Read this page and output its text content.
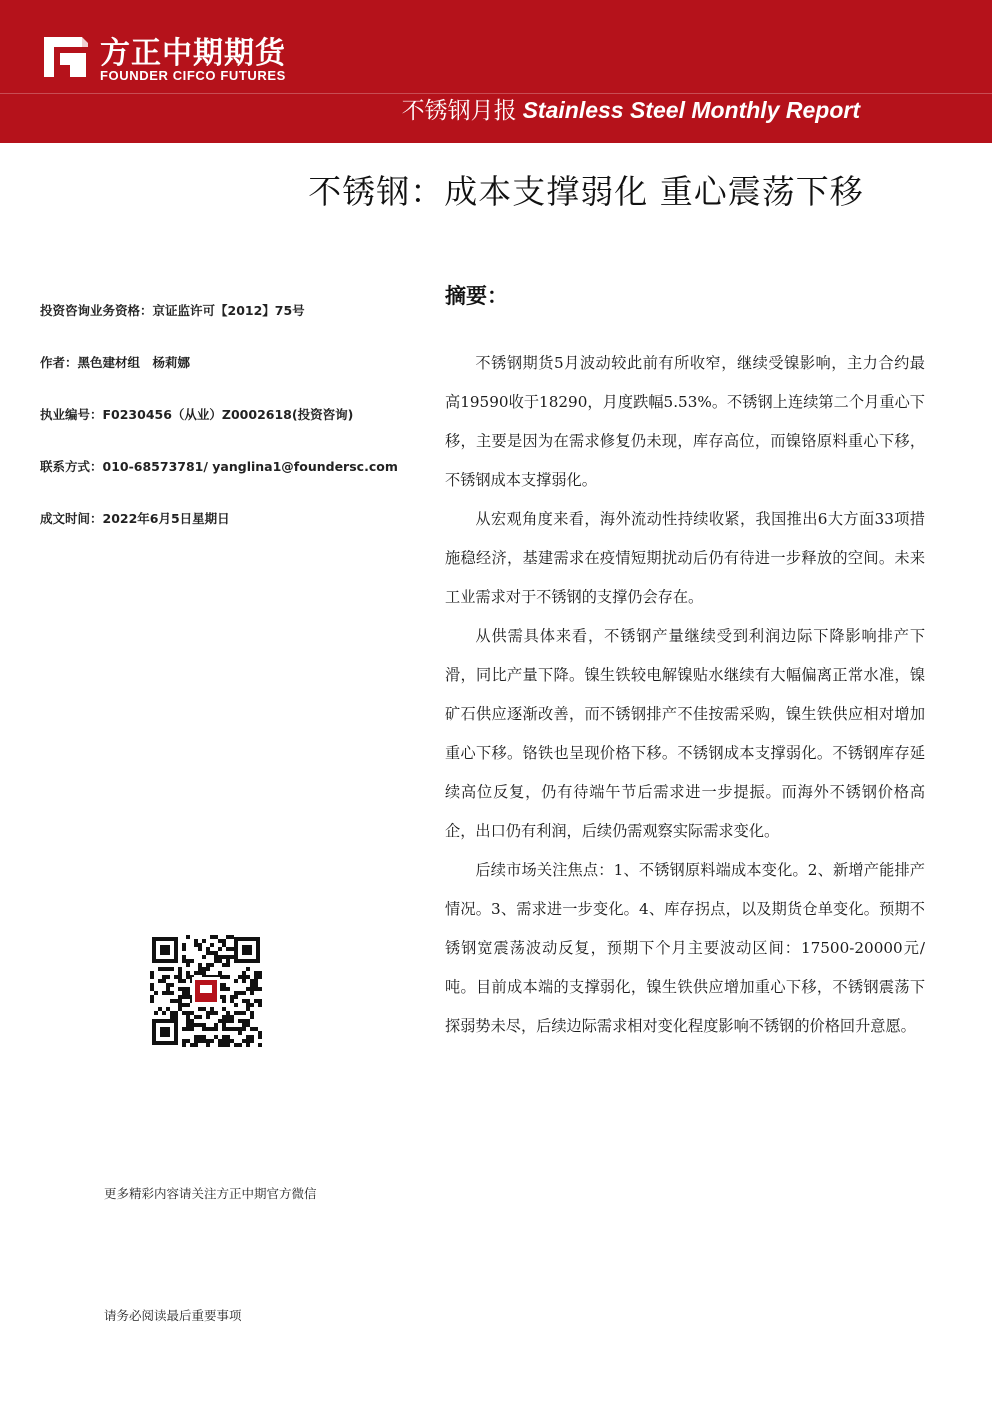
方正中期期货
FOUNDER CIFCO FUTURES
不锈钢月报 Stainless Steel Monthly Report
不锈钢：成本支撑弱化 重心震荡下移
投资咨询业务资格：京证监许可【2012】75号
作者：黑色建材组　杨莉娜
执业编号：F0230456（从业）Z0002618(投资咨询)
联系方式：010-68573781/ yanglina1@foundersc.com
成文时间：2022年6月5日星期日
摘要：

不锈钢期货5月波动较此前有所收窄，继续受镍影响，主力合约最高19590收于18290，月度跌幅5.53%。不锈钢上连续第二个月重心下移，主要是因为在需求修复仍未现，库存高位，而镍铬原料重心下移，不锈钢成本支撑弱化。

从宏观角度来看，海外流动性持续收紧，我国推出6大方面33项措施稳经济，基建需求在疫情短期扰动后仍有待进一步释放的空间。未来工业需求对于不锈钢的支撑仍会存在。

从供需具体来看，不锈钢产量继续受到利润边际下降影响排产下滑，同比产量下降。镍生铁较电解镍贴水继续有大幅偏离正常水准，镍矿石供应逐渐改善，而不锈钢排产不佳按需采购，镍生铁供应相对增加重心下移。铬铁也呈现价格下移。不锈钢成本支撑弱化。不锈钢库存延续高位反复，仍有待端午节后需求进一步提振。而海外不锈钢价格高企，出口仍有利润，后续仍需观察实际需求变化。

后续市场关注焦点：1、不锈钢原料端成本变化。2、新增产能排产情况。3、需求进一步变化。4、库存拐点，以及期货仓单变化。预期不锈钢宽震荡波动反复，预期下个月主要波动区间：17500-20000元/吨。目前成本端的支撑弱化，镍生铁供应增加重心下移，不锈钢震荡下探弱势未尽，后续边际需求相对变化程度影响不锈钢的价格回升意愿。

更多精彩内容请关注方正中期官方微信
请务必阅读最后重要事项
